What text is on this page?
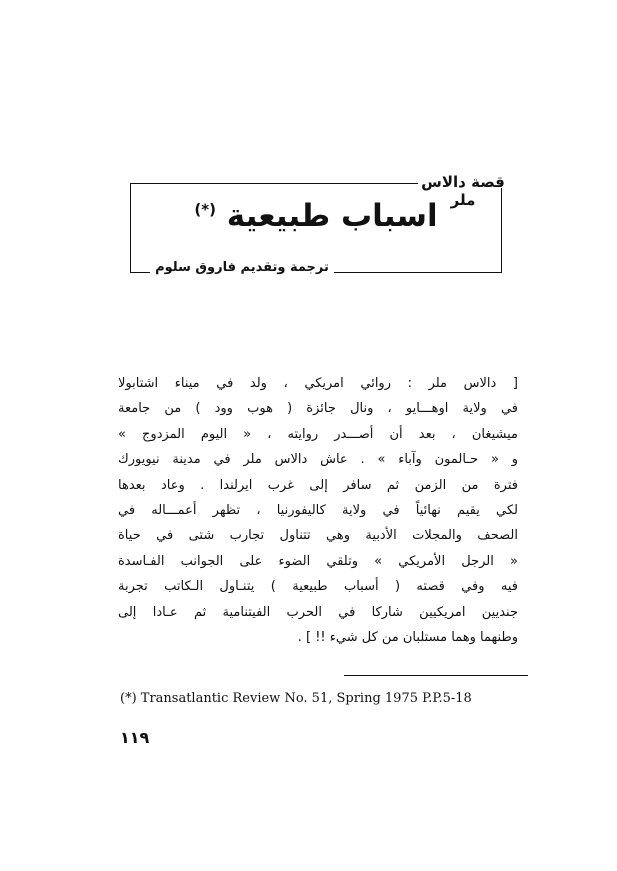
قصة دالاس ملر
اسباب طبيعية (*)
ترجمة وتقديم فاروق سلوم
[ دالاس ملر : روائي امريكي ، ولد في ميناء اشتابولا
في ولاية اوهـــايو ، ونال جائزة ( هوب وود ) من جامعة
ميشيغان ، بعد أن أصـــدر روايته ، « اليوم المزدوج »
و « حـالمون وآباء » . عاش دالاس ملر في مدينة نيويورك
فترة من الزمن ثم سافر إلى غرب ايرلندا . وعاد بعدها
لكي يقيم نهائياً في ولاية كاليفورنيا ، تظهر أعمـــاله في
الصحف والمجلات الأدبية وهي تتناول تجارب شتى في حياة
« الرجل الأمريكي » وتلقي الضوء على الجوانب الفـاسدة
فيه وفي قصته ( أسباب طبيعية ) يتنـاول الـكاتب تجربة
جنديين امريكيين شاركا في الحرب الفيتنامية ثم عـادا إلى
وطنهما وهما مستلبان من كل شيء !! ] .
(*) Transatlantic Review No. 51, Spring 1975 P.P.5-18
١١٩
